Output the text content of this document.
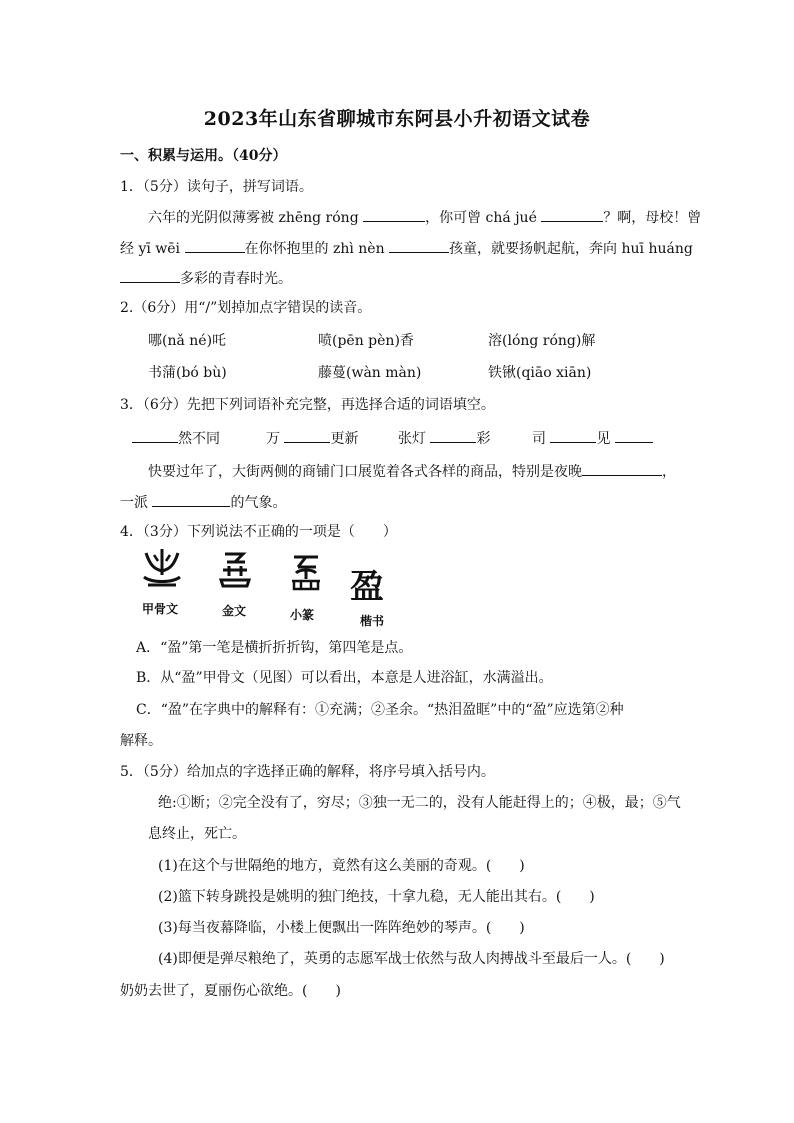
2023年山东省聊城市东阿县小升初语文试卷
一、积累与运用。（40分）
1．（5分）读句子，拼写词语。
六年的光阴似薄雾被 zhēng róng	，你可曾 chá jué	？啊，母校！曾
经 yī wēi	在你怀抱里的 zhì nèn	孩童，就要扬帆起航，奔向 huī huáng
多彩的青春时光。
2.（6分）用“/”划掉加点字错误的读音。
哪(nǎ né)吒	喷(pēn pèn)香	溶(lóng róng)解
书蒲(bó bù)	藤蔓(wàn màn)	铁锹(qiāo xiān)
3．（6分）先把下列词语补充完整，再选择合适的词语填空。
然不同	万	更新	张灯	彩	司	见
快要过年了，大街两侧的商铺门口展览着各式各样的商品，特别是夜晚	，
一派	的气象。
4．（3分）下列说法不正确的一项是（　　）
盈
甲骨文	金文	小篆	楷书
A．“盈”第一笔是横折折折钩，第四笔是点。
B．从“盈”甲骨文（见图）可以看出，本意是人进浴缸，水满溢出。
C．“盈”在字典中的解释有：①充满；②圣余。“热泪盈眶”中的“盈”应选第②种
解释。
5．（5分）给加点的字选择正确的解释，将序号填入括号内。
绝:①断；②完全没有了，穷尽；③独一无二的，没有人能赶得上的；④极，最；⑤气
息终止，死亡。
(1)在这个与世隔绝的地方，竟然有这么美丽的奇观。(　　)
(2)篮下转身跳投是姚明的独门绝技，十拿九稳，无人能出其右。(　　)
(3)每当夜幕降临，小楼上便飘出一阵阵绝妙的琴声。(　　)
(4)即便是弹尽粮绝了，英勇的志愿军战士依然与敌人肉搏战斗至最后一人。(　　)
奶奶去世了，夏丽伤心欲绝。(　　)
